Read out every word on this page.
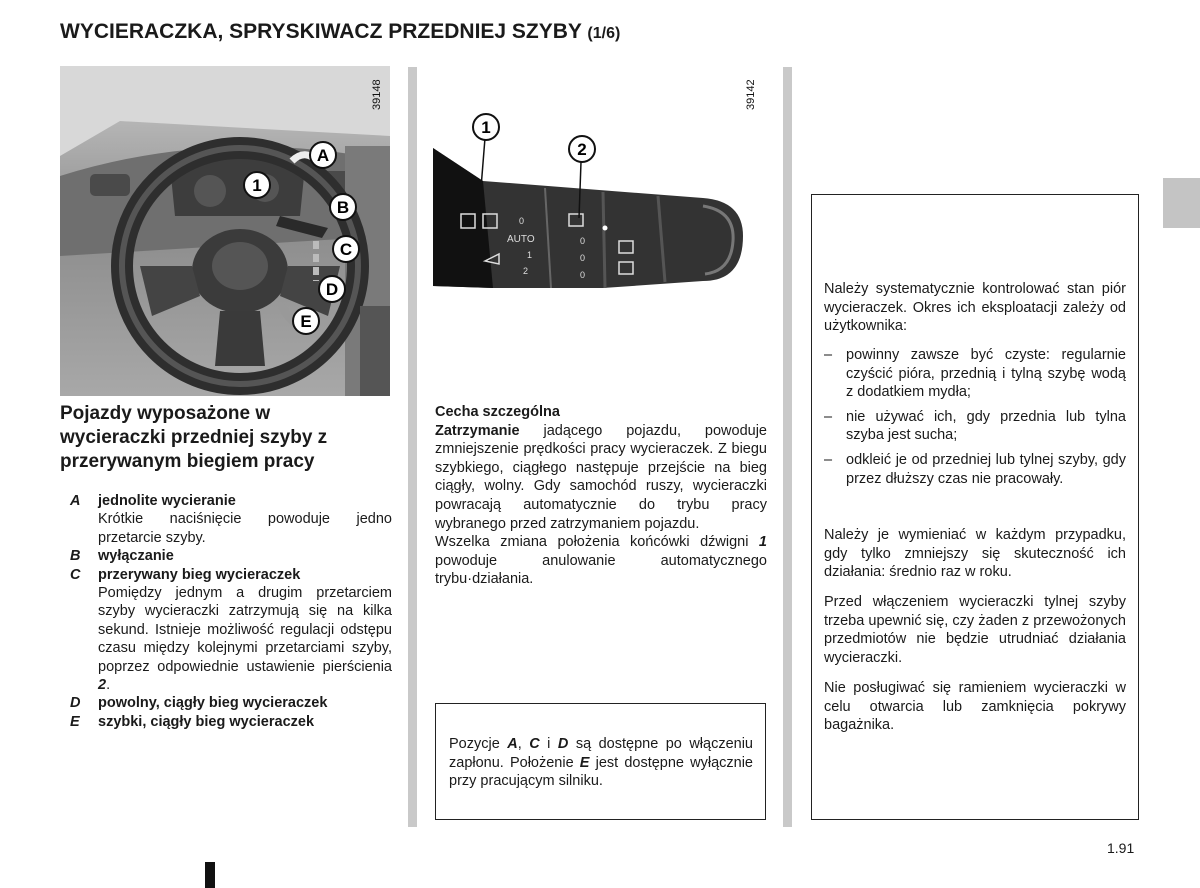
WYCIERACZKA, SPRYSKIWACZ PRZEDNIEJ SZYBY (1/6)
A
1
B
C
D
E
39148
0
1
2
0
0
0
AUTO
1
2
39142
Pojazdy wyposażone w wycieraczki przedniej szyby z przerywanym biegiem pracy
A	jednolite wycieranie
Krótkie naciśnięcie powoduje jedno przetarcie szyby.
B	wyłączanie
C	przerywany bieg wycieraczek
Pomiędzy jednym a drugim przetarciem szyby wycieraczki zatrzymują się na kilka sekund. Istnieje możliwość regulacji odstępu czasu między kolejnymi przetarciami szyby, poprzez odpowiednie ustawienie pierścienia 2.
D	powolny, ciągły bieg wycieraczek
E	szybki, ciągły bieg wycieraczek
Cecha szczególna
Zatrzymanie jadącego pojazdu, powoduje zmniejszenie prędkości pracy wycieraczek. Z biegu szybkiego, ciągłego następuje przejście na bieg ciągły, wolny. Gdy samochód ruszy, wycieraczki powracają automatycznie do trybu pracy wybranego przed zatrzymaniem pojazdu.
Wszelka zmiana położenia końcówki dźwigni 1 powoduje anulowanie automatycznego trybu·działania.
Pozycje A, C i D są dostępne po włączeniu zapłonu. Położenie E jest dostępne wyłącznie przy pracującym silniku.
Należy systematycznie kontrolować stan piór wycieraczek. Okres ich eksploatacji zależy od użytkownika:
– powinny zawsze być czyste: regularnie czyścić pióra, przednią i tylną szybę wodą z dodatkiem mydła;
– nie używać ich, gdy przednia lub tylna szyba jest sucha;
– odkleić je od przedniej lub tylnej szyby, gdy przez dłuższy czas nie pracowały.
Należy je wymieniać w każdym przypadku, gdy tylko zmniejszy się skuteczność ich działania: średnio raz w roku.
Przed włączeniem wycieraczki tylnej szyby trzeba upewnić się, czy żaden z przewożonych przedmiotów nie będzie utrudniać działania wycieraczki.
Nie posługiwać się ramieniem wycieraczki w celu otwarcia lub zamknięcia pokrywy bagażnika.
1.91
